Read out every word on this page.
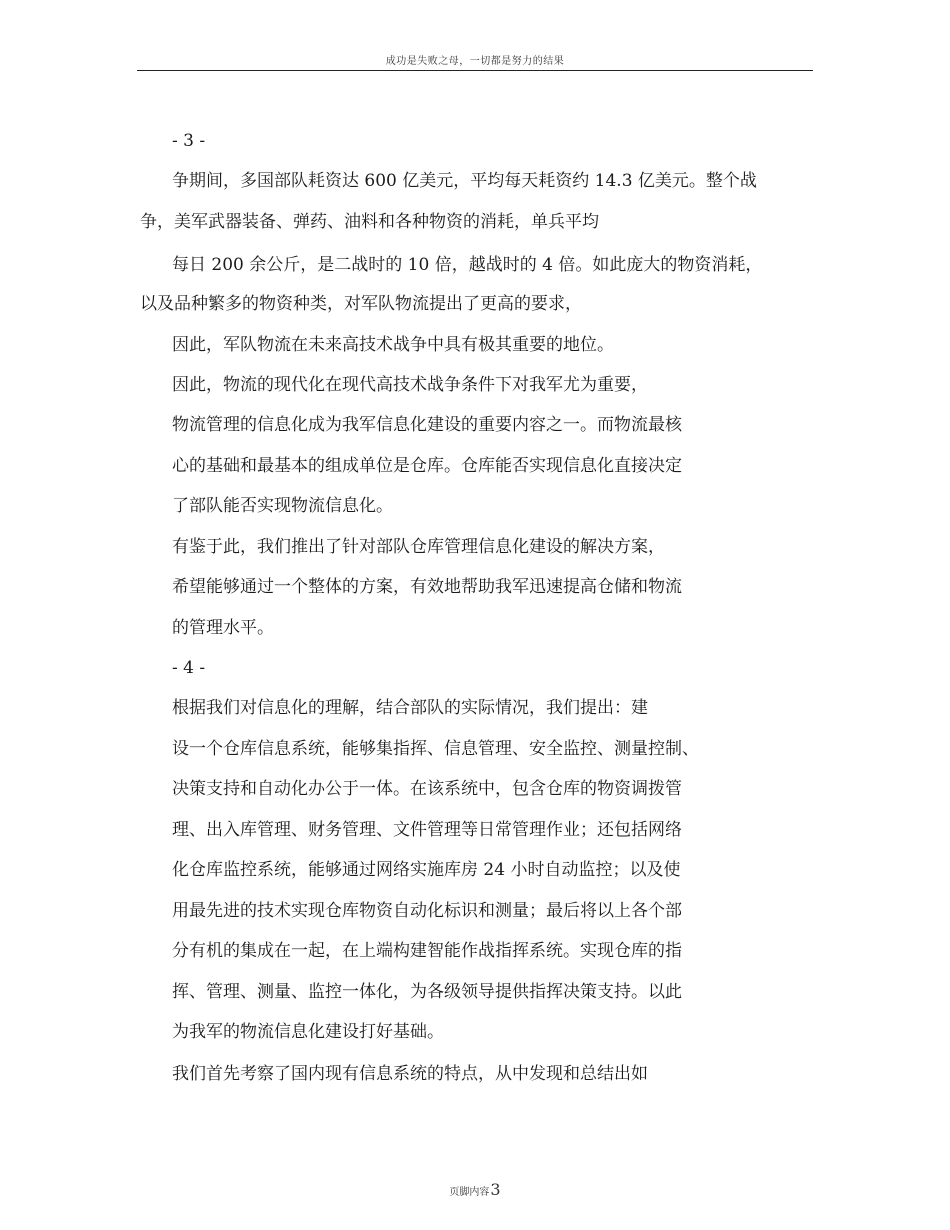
成功是失败之母，一切都是努力的结果
- 3 -
争期间，多国部队耗资达 600 亿美元，平均每天耗资约 14.3 亿美元。整个战
争，美军武器装备、弹药、油料和各种物资的消耗，单兵平均
每日 200 余公斤，是二战时的 10 倍，越战时的 4 倍。如此庞大的物资消耗，
以及品种繁多的物资种类，对军队物流提出了更高的要求，
因此，军队物流在未来高技术战争中具有极其重要的地位。
因此，物流的现代化在现代高技术战争条件下对我军尤为重要，
物流管理的信息化成为我军信息化建设的重要内容之一。而物流最核
心的基础和最基本的组成单位是仓库。仓库能否实现信息化直接决定
了部队能否实现物流信息化。
有鉴于此，我们推出了针对部队仓库管理信息化建设的解决方案，
希望能够通过一个整体的方案，有效地帮助我军迅速提高仓储和物流
的管理水平。
- 4 -
根据我们对信息化的理解，结合部队的实际情况，我们提出：建
设一个仓库信息系统，能够集指挥、信息管理、安全监控、测量控制、
决策支持和自动化办公于一体。在该系统中，包含仓库的物资调拨管
理、出入库管理、财务管理、文件管理等日常管理作业；还包括网络
化仓库监控系统，能够通过网络实施库房 24 小时自动监控；以及使
用最先进的技术实现仓库物资自动化标识和测量；最后将以上各个部
分有机的集成在一起，在上端构建智能作战指挥系统。实现仓库的指
挥、管理、测量、监控一体化，为各级领导提供指挥决策支持。以此
为我军的物流信息化建设打好基础。
我们首先考察了国内现有信息系统的特点，从中发现和总结出如
页脚内容3
